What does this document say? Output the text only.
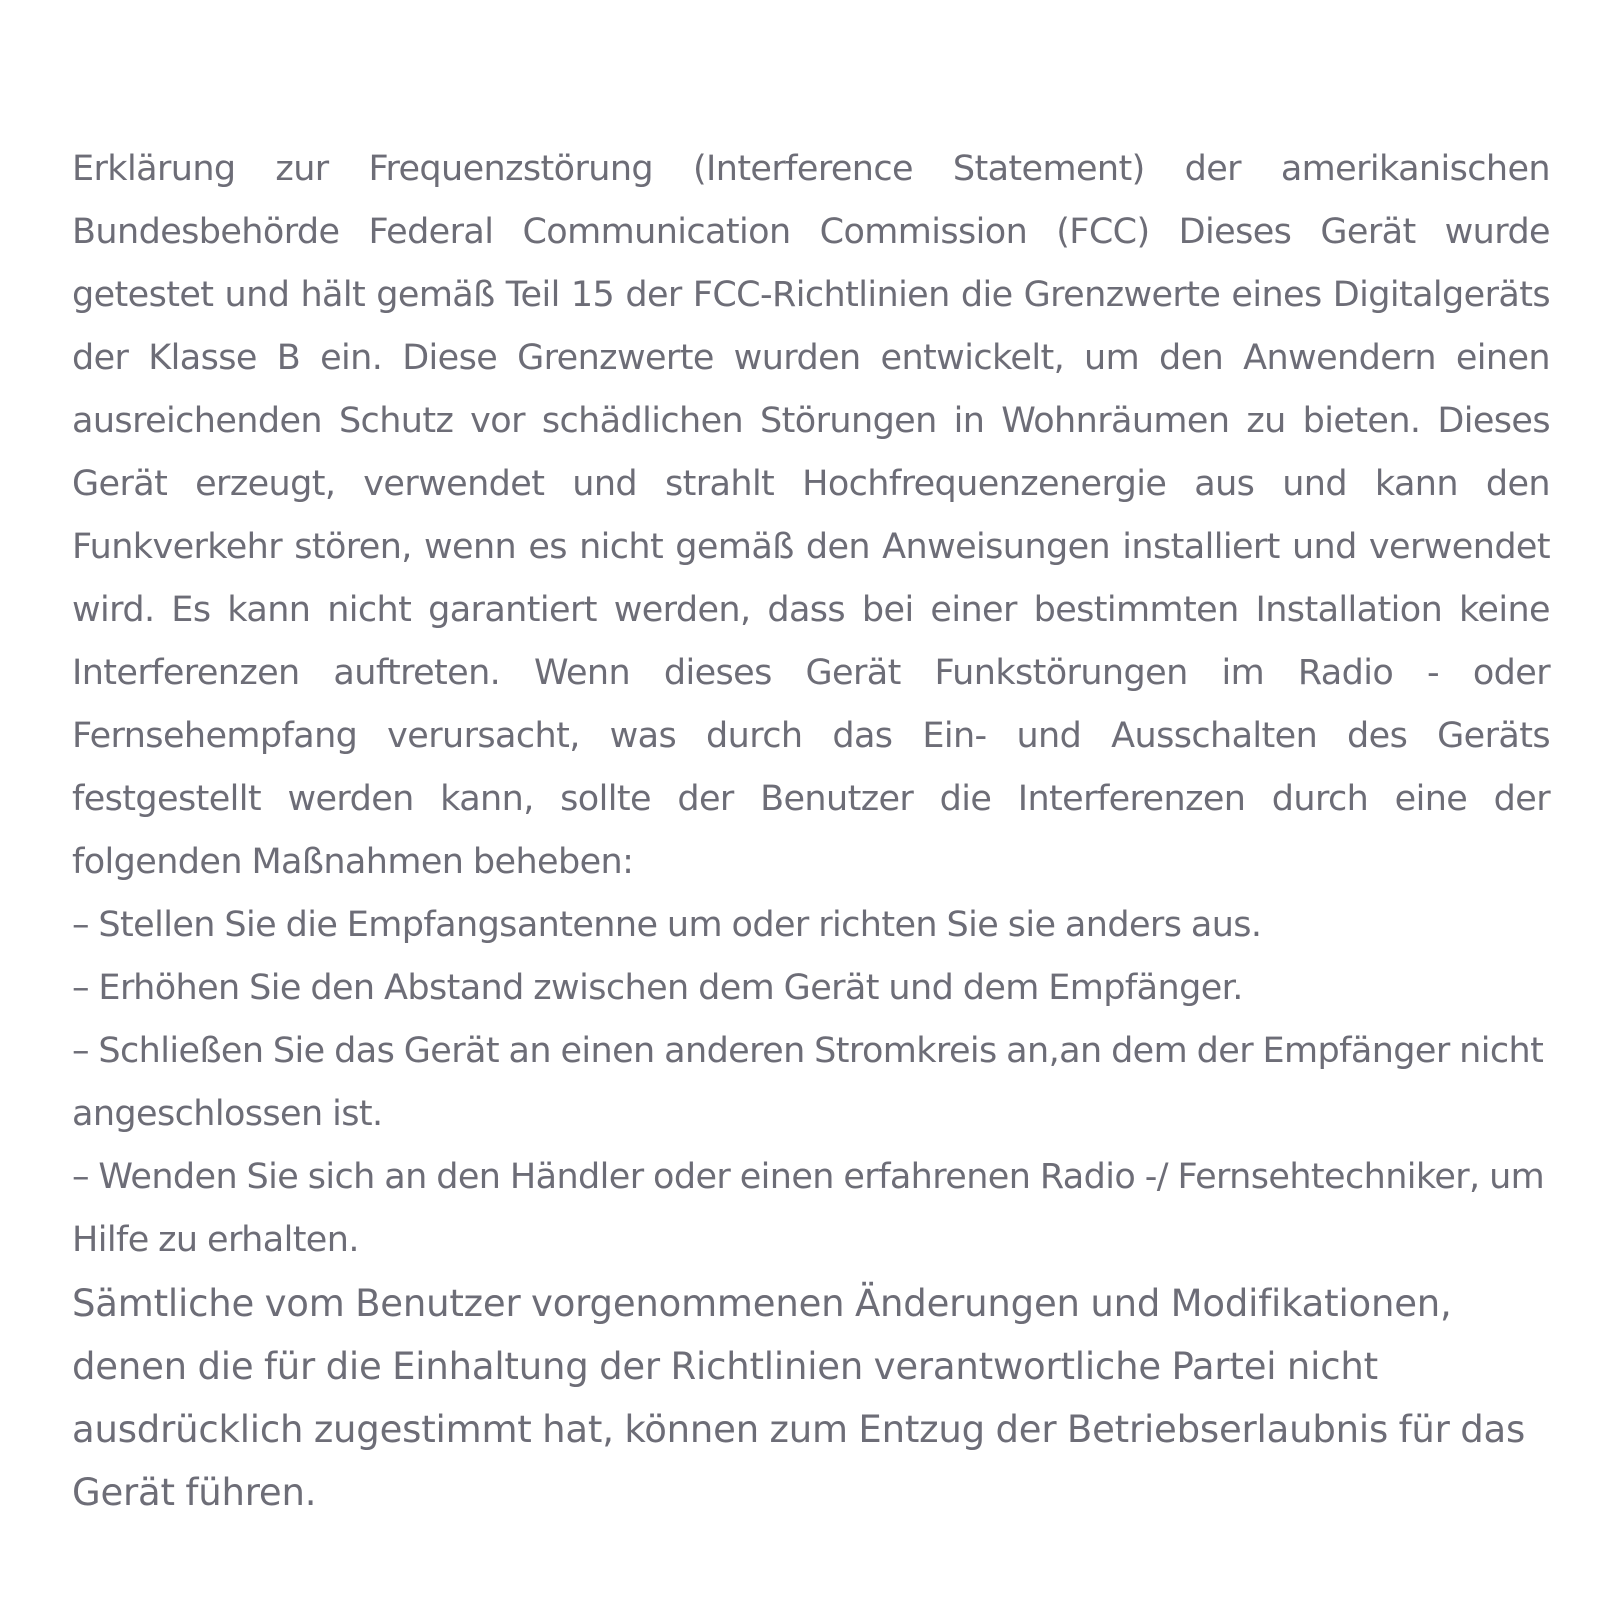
Erklärung zur Frequenzstörung (Interference Statement) der amerikanischen Bundesbehörde Federal Communication Commission (FCC) Dieses Gerät wurde getestet und hält gemäß Teil 15 der FCC-Richtlinien die Grenzwerte eines Digitalgeräts der Klasse B ein. Diese Grenzwerte wurden entwickelt, um den Anwendern einen ausreichenden Schutz vor schädlichen Störungen in Wohnräumen zu bieten. Dieses Gerät erzeugt, verwendet und strahlt Hochfrequenzenergie aus und kann den Funkverkehr stören, wenn es nicht gemäß den Anweisungen installiert und verwendet wird. Es kann nicht garantiert werden, dass bei einer bestimmten Installation keine Interferenzen auftreten. Wenn dieses Gerät Funkstörungen im Radio - oder Fernsehempfang verursacht, was durch das Ein- und Ausschalten des Geräts festgestellt werden kann, sollte der Benutzer die Interferenzen durch eine der folgenden Maßnahmen beheben:

– Stellen Sie die Empfangsantenne um oder richten Sie sie anders aus.

– Erhöhen Sie den Abstand zwischen dem Gerät und dem Empfänger.

– Schließen Sie das Gerät an einen anderen Stromkreis an,an dem der Empfänger nicht angeschlossen ist.

– Wenden Sie sich an den Händler oder einen erfahrenen Radio -/ Fernsehtechniker, um Hilfe zu erhalten.

Sämtliche vom Benutzer vorgenommenen Änderungen und Modifikationen, denen die für die Einhaltung der Richtlinien verantwortliche Partei nicht ausdrücklich zugestimmt hat, können zum Entzug der Betriebserlaubnis für das Gerät führen.
